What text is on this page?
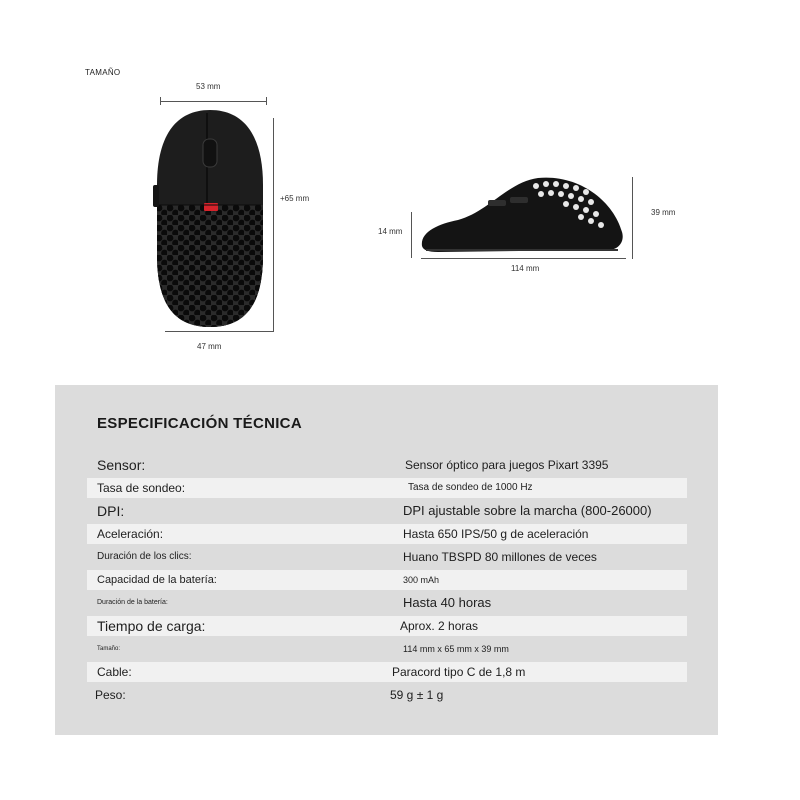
TAMAÑO
53 mm
+65 mm
47 mm
39 mm
14 mm
114 mm
ESPECIFICACIÓN TÉCNICA
Sensor:	Sensor óptico para juegos Pixart 3395
Tasa de sondeo:	Tasa de sondeo de 1000 Hz
DPI:	DPI ajustable sobre la marcha (800-26000)
Aceleración:	Hasta 650 IPS/50 g de aceleración
Duración de los clics:	Huano TBSPD 80 millones de veces
Capacidad de la batería:	300 mAh
Duración de la batería:	Hasta 40 horas
Tiempo de carga:	Aprox. 2 horas
Tamaño:	114 mm x 65 mm x 39 mm
Cable:	Paracord tipo C de 1,8 m
Peso:	59 g ± 1 g
